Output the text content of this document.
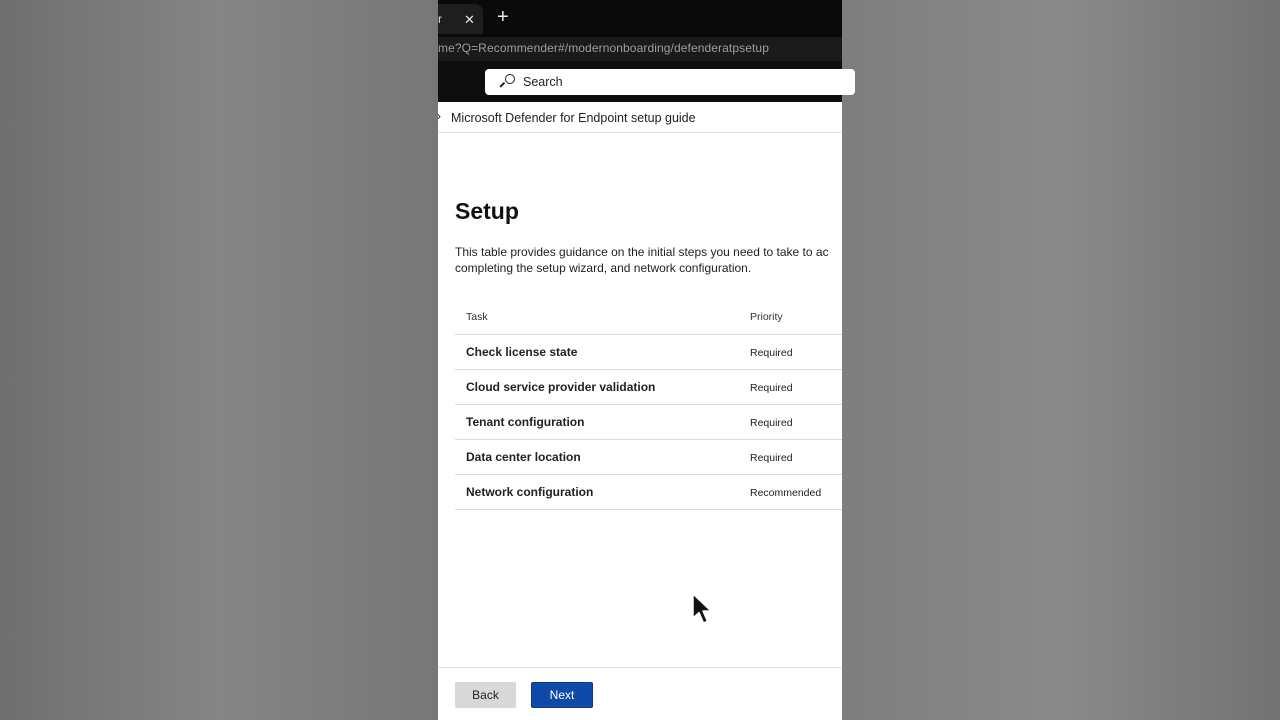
r ✕ +
me?Q=Recommender#/modernonboarding/defenderatpsetup
Search
› Microsoft Defender for Endpoint setup guide
Back	Next
Setup
This table provides guidance on the initial steps you need to take to ac
completing the setup wizard, and network configuration.
Task	Priority
Check license state	Required
Cloud service provider validation	Required
Tenant configuration	Required
Data center location	Required
Network configuration	Recommended
